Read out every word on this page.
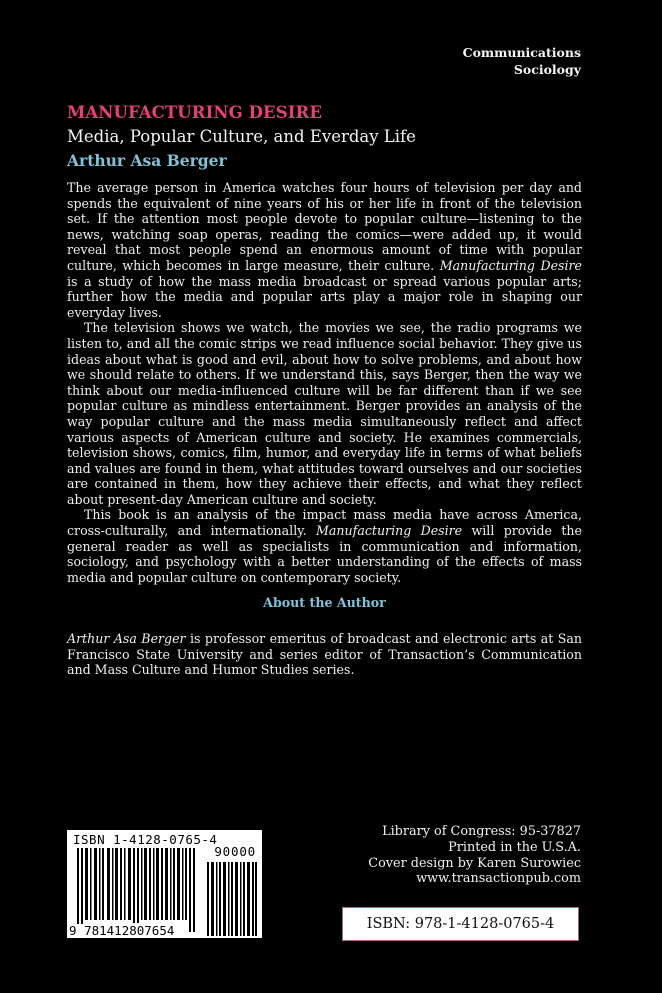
Communications
Sociology
MANUFACTURING DESIRE
Media, Popular Culture, and Everday Life
Arthur Asa Berger

The average person in America watches four hours of television per day and spends the equivalent of nine years of his or her life in front of the television set. If the attention most people devote to popular culture—listening to the news, watching soap operas, reading the comics—were added up, it would reveal that most people spend an enormous amount of time with popular culture, which becomes in large measure, their culture. Manufacturing Desire is a study of how the mass media broadcast or spread various popular arts; further how the media and popular arts play a major role in shaping our everyday lives.

The television shows we watch, the movies we see, the radio programs we listen to, and all the comic strips we read influence social behavior. They give us ideas about what is good and evil, about how to solve problems, and about how we should relate to others. If we understand this, says Berger, then the way we think about our media-influenced culture will be far different than if we see popular culture as mindless entertainment. Berger provides an analysis of the way popular culture and the mass media simultaneously reflect and affect various aspects of American culture and society. He examines commercials, television shows, comics, film, humor, and everyday life in terms of what beliefs and values are found in them, what attitudes toward ourselves and our societies are contained in them, how they achieve their effects, and what they reflect about present-day American culture and society.

This book is an analysis of the impact mass media have across America, cross-culturally, and internationally. Manufacturing Desire will provide the general reader as well as specialists in communication and information, sociology, and psychology with a better understanding of the effects of mass media and popular culture on contemporary society.

About the Author
Arthur Asa Berger is professor emeritus of broadcast and electronic arts at San Francisco State University and series editor of Transaction’s Communication and Mass Culture and Humor Studies series.
ISBN 1-4128-0765-4
90000
9 781412807654
Library of Congress: 95-37827
Printed in the U.S.A.
Cover design by Karen Surowiec
www.transactionpub.com
ISBN: 978-1-4128-0765-4
